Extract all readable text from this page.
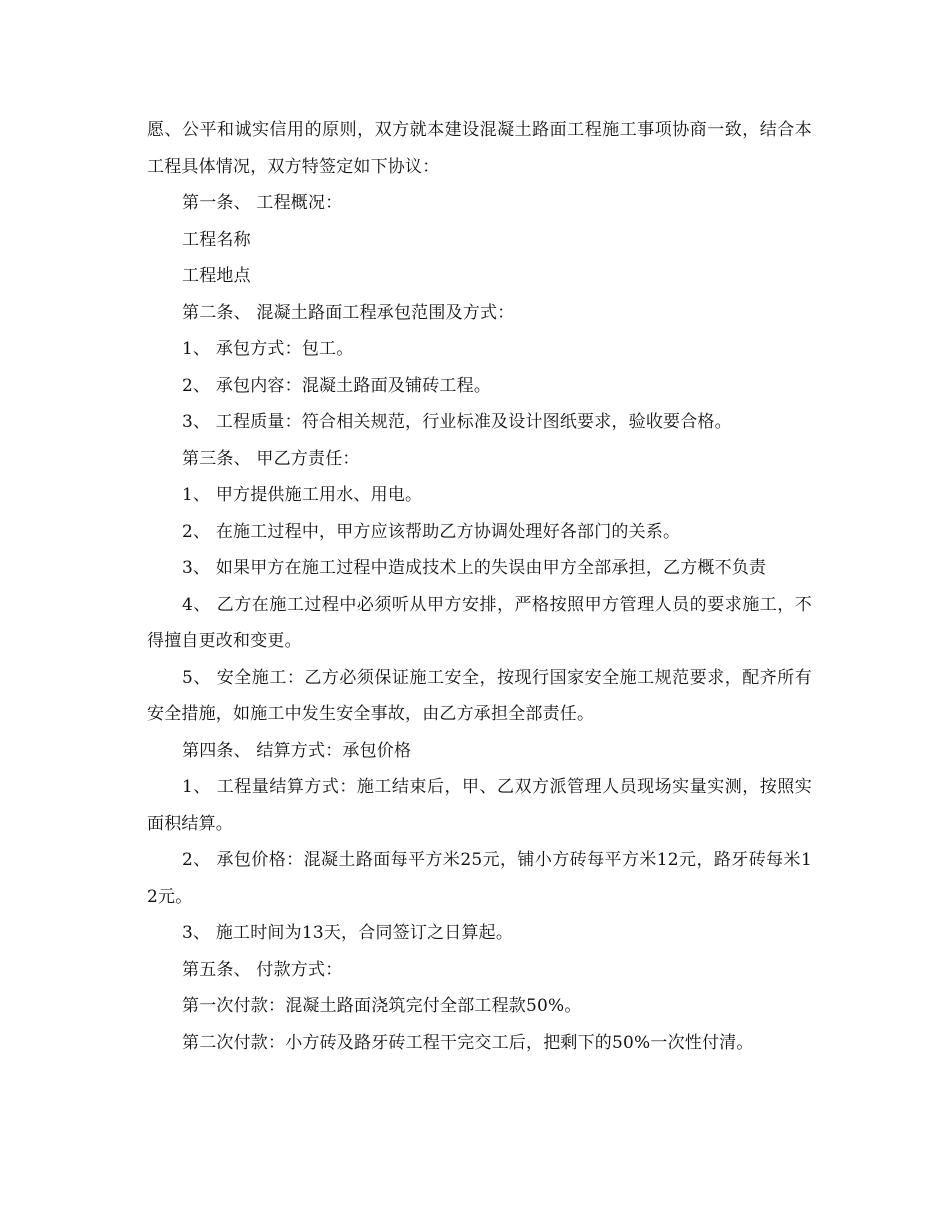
愿、公平和诚实信用的原则，双方就本建设混凝土路面工程施工事项协商一致，结合本工程具体情况，双方特签定如下协议：

第一条、 工程概况：

工程名称

工程地点

第二条、 混凝土路面工程承包范围及方式：

1、 承包方式：包工。

2、 承包内容：混凝土路面及铺砖工程。

3、 工程质量：符合相关规范，行业标准及设计图纸要求，验收要合格。

第三条、 甲乙方责任：

1、 甲方提供施工用水、用电。

2、 在施工过程中，甲方应该帮助乙方协调处理好各部门的关系。

3、 如果甲方在施工过程中造成技术上的失误由甲方全部承担，乙方概不负责

4、 乙方在施工过程中必须听从甲方安排，严格按照甲方管理人员的要求施工，不得擅自更改和变更。

5、 安全施工：乙方必须保证施工安全，按现行国家安全施工规范要求，配齐所有安全措施，如施工中发生安全事故，由乙方承担全部责任。

第四条、 结算方式：承包价格

1、 工程量结算方式：施工结束后，甲、乙双方派管理人员现场实量实测，按照实面积结算。

2、 承包价格：混凝土路面每平方米25元，铺小方砖每平方米12元，路牙砖每米12元。

3、 施工时间为13天，合同签订之日算起。

第五条、 付款方式：

第一次付款：混凝土路面浇筑完付全部工程款50%。

第二次付款：小方砖及路牙砖工程干完交工后，把剩下的50%一次性付清。
